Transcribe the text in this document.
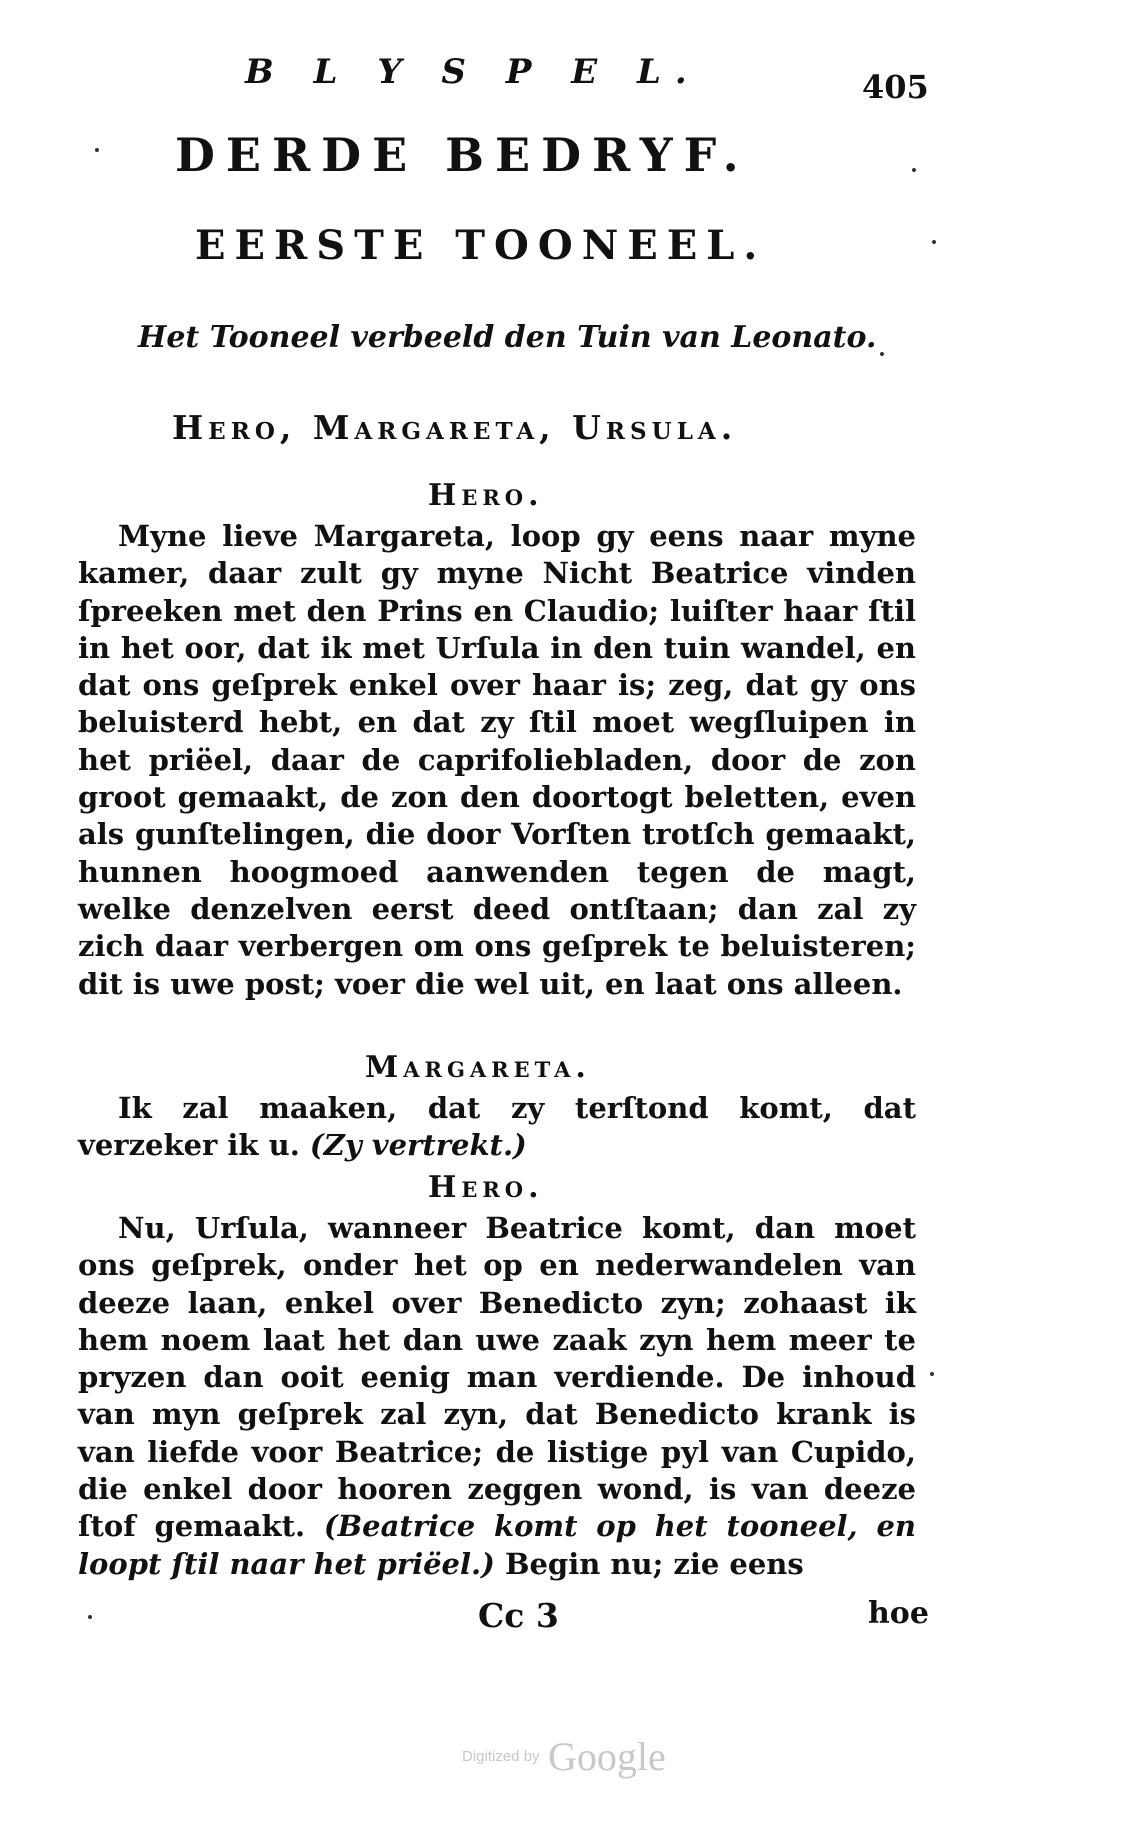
B L Y S P E L.	405
DERDE BEDRYF.
EERSTE TOONEEL.
Het Tooneel verbeeld den Tuin van Leonato.
Hero, Margareta, Ursula.
Hero.

Myne lieve Margareta, loop gy eens naar myne kamer, daar zult gy myne Nicht Beatrice vinden ſpreeken met den Prins en Claudio; luiſter haar ſtil in het oor, dat ik met Urſula in den tuin wandel, en dat ons geſprek enkel over haar is; zeg, dat gy ons beluisterd hebt, en dat zy ſtil moet wegſluipen in het priëel, daar de caprifoliebladen, door de zon groot gemaakt, de zon den doortogt beletten, even als gunſtelingen, die door Vorſten trotſch gemaakt, hunnen hoogmoed aanwenden tegen de magt, welke denzelven eerst deed ontſtaan; dan zal zy zich daar verbergen om ons geſprek te beluisteren; dit is uwe post; voer die wel uit, en laat ons alleen.

Margareta.

Ik zal maaken, dat zy terſtond komt, dat verzeker ik u. (Zy vertrekt.)

Hero.

Nu, Urſula, wanneer Beatrice komt, dan moet ons geſprek, onder het op en nederwandelen van deeze laan, enkel over Benedicto zyn; zohaast ik hem noem laat het dan uwe zaak zyn hem meer te pryzen dan ooit eenig man verdiende. De inhoud van myn geſprek zal zyn, dat Benedicto krank is van liefde voor Beatrice; de listige pyl van Cupido, die enkel door hooren zeggen wond, is van deeze ſtof gemaakt. (Beatrice komt op het tooneel, en loopt ſtil naar het priëel.) Begin nu; zie eens

Cc 3	hoe
Digitized by Google
